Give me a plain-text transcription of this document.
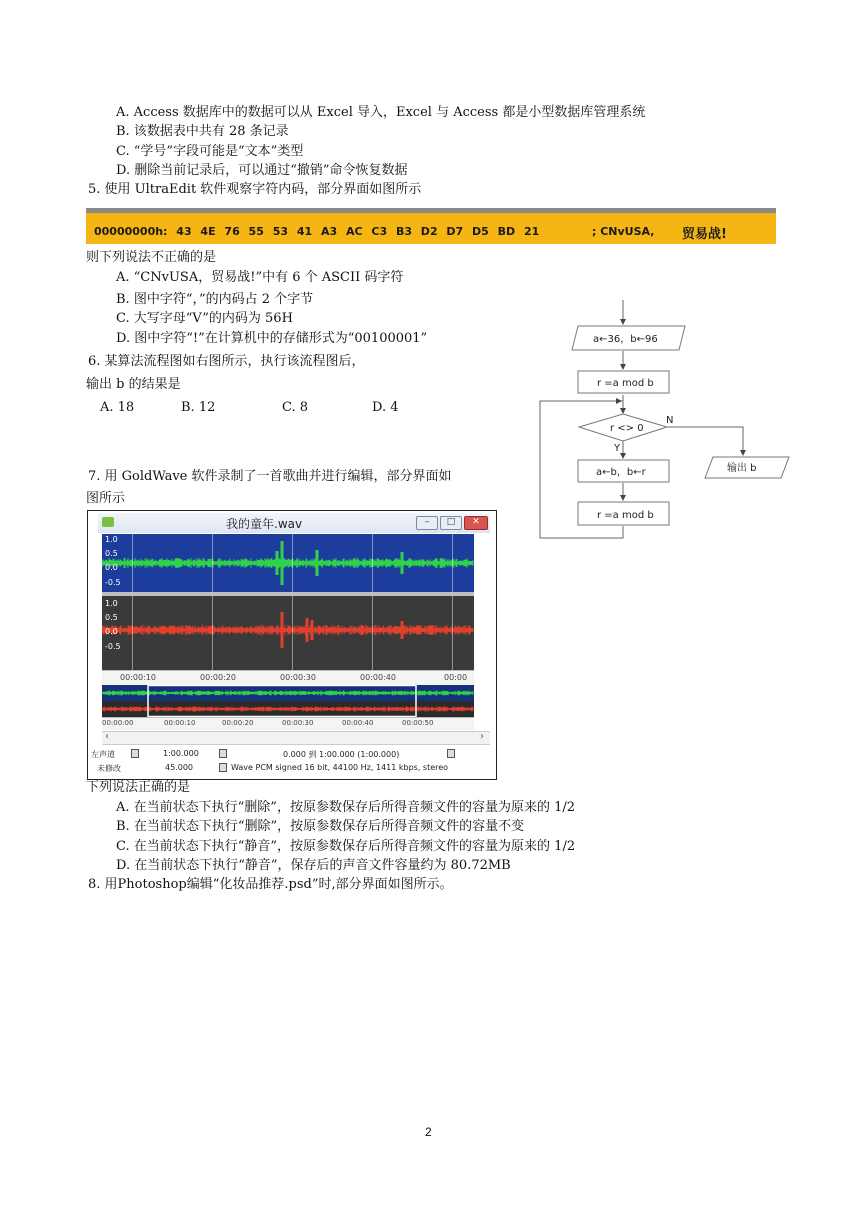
A. Access 数据库中的数据可以从 Excel 导入，Excel 与 Access 都是小型数据库管理系统
B. 该数据表中共有 28 条记录
C. “学号”字段可能是“文本”类型
D. 删除当前记录后，可以通过“撤销”命令恢复数据
5. 使用 UltraEdit 软件观察字符内码，部分界面如图所示
00000000h: 43 4E 76 55 53 41 A3 AC C3 B3 D2 D7 D5 BD 21	; CNvUSA, 贸易战!
则下列说法不正确的是
A. “CNvUSA，贸易战!”中有 6 个 ASCII 码字符
B. 图中字符“，”的内码占 2 个字节
C. 大写字母“V”的内码为 56H
D. 图中字符“!”在计算机中的存储形式为“00100001”
6. 某算法流程图如右图所示，执行该流程图后，
输出 b 的结果是
A. 18	B. 12	C. 8	D. 4
a←36，b←96
r =a mod b
r <> 0
Y
N
a←b，b←r
r =a mod b
输出 b
7. 用 GoldWave 软件录制了一首歌曲并进行编辑，部分界面如
图所示
我的童年.wav	–	□	✕
1.0
0.5
0.0
-0.5
1.0
0.5
0.0
-0.5
00:00:10	00:00:20	00:00:30	00:00:40	00:00
00:00:00	00:00:10	00:00:20	00:00:30	00:00:40	00:00:50
‹	›
左声道	1:00.000	0.000 到 1:00.000 (1:00.000)
未修改	45.000	Wave PCM signed 16 bit, 44100 Hz, 1411 kbps, stereo
下列说法正确的是
A. 在当前状态下执行“删除”，按原参数保存后所得音频文件的容量为原来的 1/2
B. 在当前状态下执行“删除”，按原参数保存后所得音频文件的容量不变
C. 在当前状态下执行“静音”，按原参数保存后所得音频文件的容量为原来的 1/2
D. 在当前状态下执行“静音”，保存后的声音文件容量约为 80.72MB
8. 用Photoshop编辑“化妆品推荐.psd”时,部分界面如图所示。
2
